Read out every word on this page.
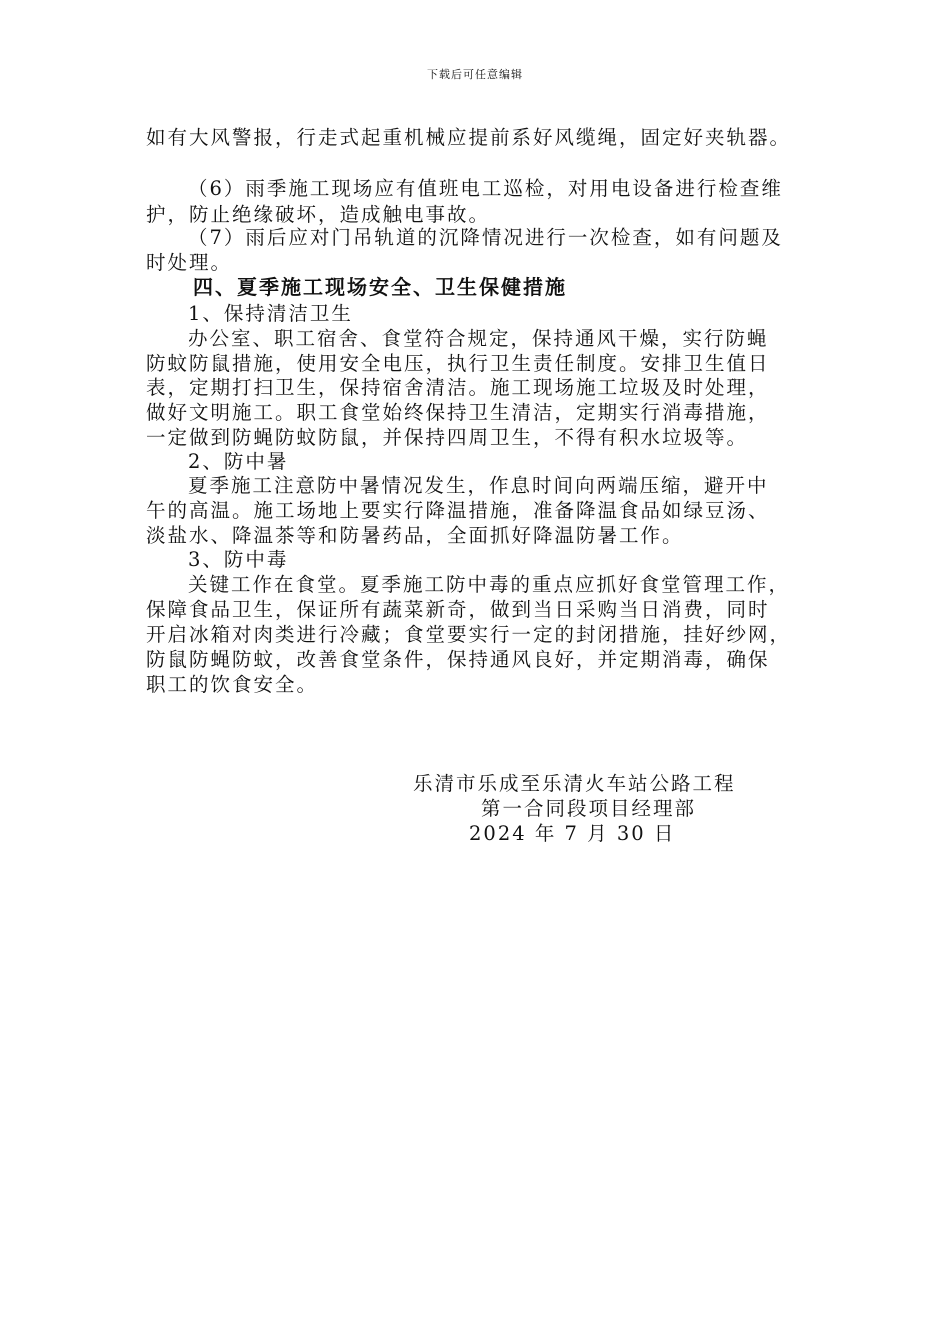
下载后可任意编辑
如有大风警报，行走式起重机械应提前系好风缆绳，固定好夹轨器。
（6）雨季施工现场应有值班电工巡检，对用电设备进行检查维
护，防止绝缘破坏，造成触电事故。
（7）雨后应对门吊轨道的沉降情况进行一次检查，如有问题及
时处理。
四、夏季施工现场安全、卫生保健措施
1、保持清洁卫生
办公室、职工宿舍、食堂符合规定，保持通风干燥，实行防蝇
防蚊防鼠措施，使用安全电压，执行卫生责任制度。安排卫生值日
表，定期打扫卫生，保持宿舍清洁。施工现场施工垃圾及时处理，
做好文明施工。职工食堂始终保持卫生清洁，定期实行消毒措施，
一定做到防蝇防蚊防鼠，并保持四周卫生，不得有积水垃圾等。
2、防中暑
夏季施工注意防中暑情况发生，作息时间向两端压缩，避开中
午的高温。施工场地上要实行降温措施，准备降温食品如绿豆汤、
淡盐水、降温茶等和防暑药品，全面抓好降温防暑工作。
3、防中毒
关键工作在食堂。夏季施工防中毒的重点应抓好食堂管理工作，
保障食品卫生，保证所有蔬菜新奇，做到当日采购当日消费，同时
开启冰箱对肉类进行冷藏；食堂要实行一定的封闭措施，挂好纱网，
防鼠防蝇防蚊，改善食堂条件，保持通风良好，并定期消毒，确保
职工的饮食安全。
乐清市乐成至乐清火车站公路工程
第一合同段项目经理部
2024 年 7 月 30 日
